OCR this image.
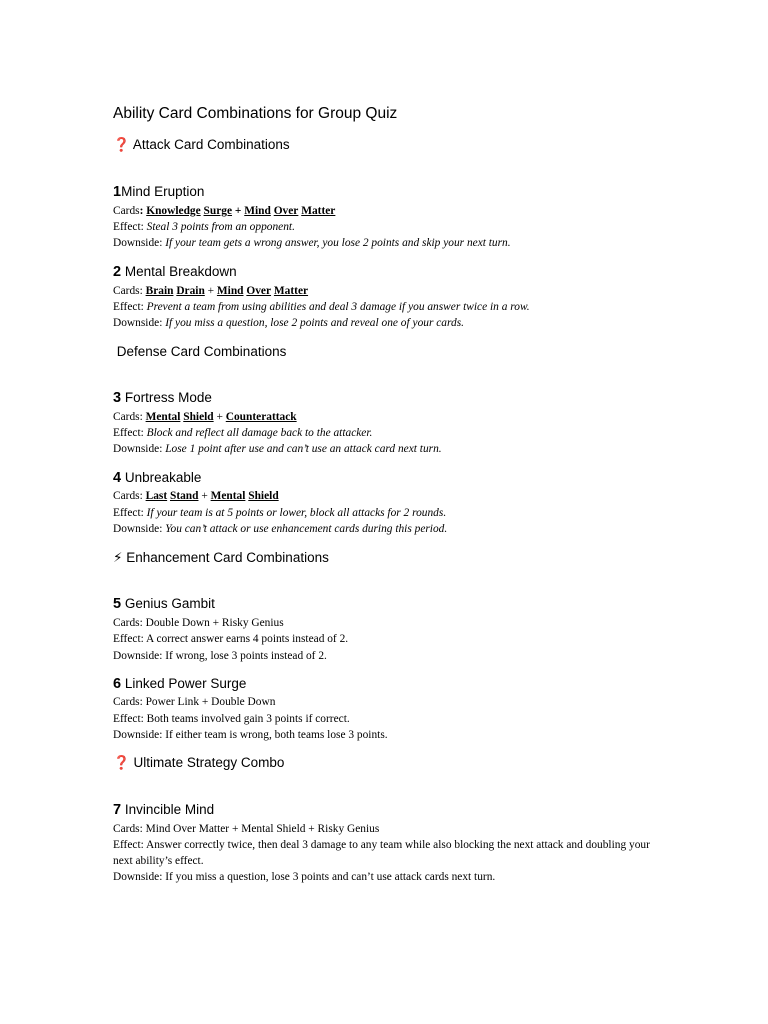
Ability Card Combinations for Group Quiz
❓ Attack Card Combinations
1Mind Eruption
Cards: Knowledge Surge + Mind Over Matter
Effect: Steal 3 points from an opponent.
Downside: If your team gets a wrong answer, you lose 2 points and skip your next turn.
2 Mental Breakdown
Cards: Brain Drain + Mind Over Matter
Effect: Prevent a team from using abilities and deal 3 damage if you answer twice in a row.
Downside: If you miss a question, lose 2 points and reveal one of your cards.
Defense Card Combinations
3 Fortress Mode
Cards: Mental Shield + Counterattack
Effect: Block and reflect all damage back to the attacker.
Downside: Lose 1 point after use and can’t use an attack card next turn.
4 Unbreakable
Cards: Last Stand + Mental Shield
Effect: If your team is at 5 points or lower, block all attacks for 2 rounds.
Downside: You can’t attack or use enhancement cards during this period.
⚡ Enhancement Card Combinations
5 Genius Gambit
Cards: Double Down + Risky Genius
Effect: A correct answer earns 4 points instead of 2.
Downside: If wrong, lose 3 points instead of 2.
6 Linked Power Surge
Cards: Power Link + Double Down
Effect: Both teams involved gain 3 points if correct.
Downside: If either team is wrong, both teams lose 3 points.
❓ Ultimate Strategy Combo
7 Invincible Mind
Cards: Mind Over Matter + Mental Shield + Risky Genius
Effect: Answer correctly twice, then deal 3 damage to any team while also blocking the next attack and doubling your next ability’s effect.
Downside: If you miss a question, lose 3 points and can’t use attack cards next turn.
